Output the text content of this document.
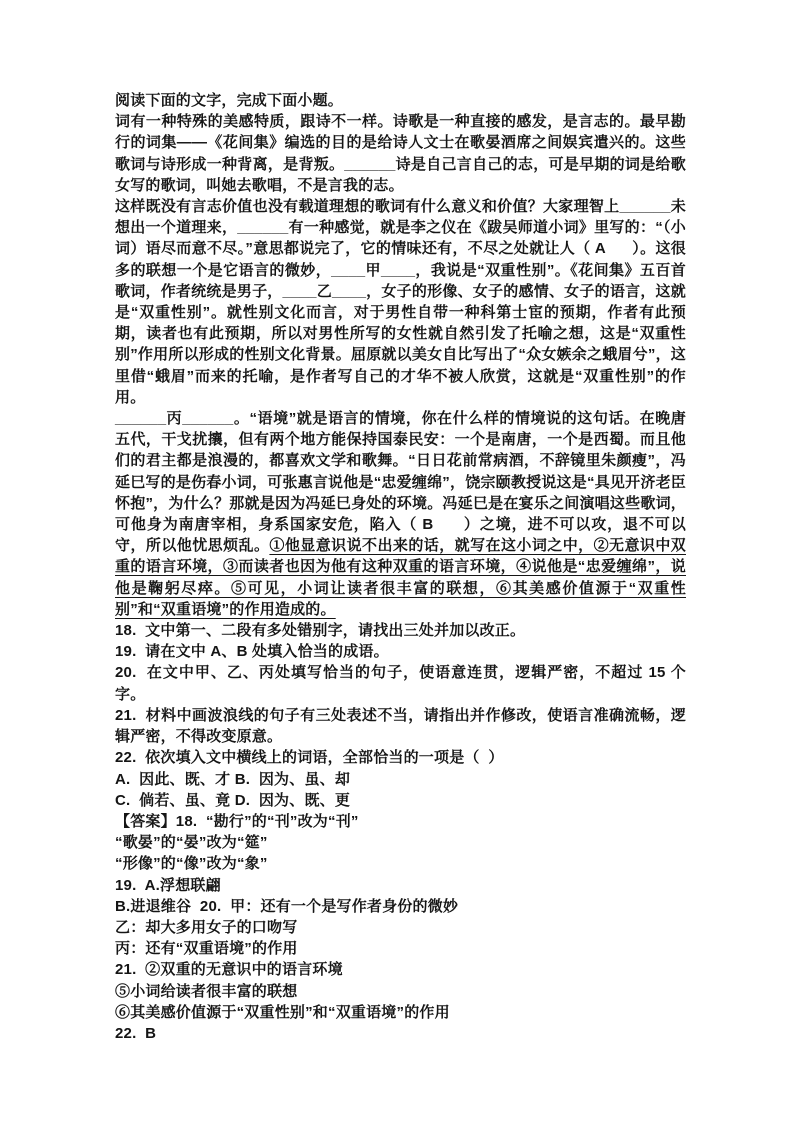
阅读下面的文字，完成下面小题。

词有一种特殊的美感特质，跟诗不一样。诗歌是一种直接的感发，是言志的。最早勘行的词集——《花间集》编选的目的是给诗人文士在歌晏酒席之间娱宾遣兴的。这些歌词与诗形成一种背离，是背叛。______诗是自己言自己的志，可是早期的词是给歌女写的歌词，叫她去歌唱，不是言我的志。

这样既没有言志价值也没有载道理想的歌词有什么意义和价值？大家理智上______未想出一个道理来，______有一种感觉，就是李之仪在《跋吴师道小词》里写的：“（小词）语尽而意不尽。”意思都说完了，它的情味还有，不尽之处就让人（ A      ）。这很多的联想一个是它语言的微妙，____甲____，我说是“双重性别”。《花间集》五百首歌词，作者统统是男子，____乙____，女子的形像、女子的感情、女子的语言，这就是“双重性别”。就性别文化而言，对于男性自带一种科第士宦的预期，作者有此预期，读者也有此预期，所以对男性所写的女性就自然引发了托喻之想，这是“双重性别”作用所以形成的性别文化背景。屈原就以美女自比写出了“众女嫉余之蛾眉兮”，这里借“蛾眉”而来的托喻，是作者写自己的才华不被人欣赏，这就是“双重性别”的作用。

______丙______。“语境”就是语言的情境，你在什么样的情境说的这句话。在晚唐五代，干戈扰攘，但有两个地方能保持国泰民安：一个是南唐，一个是西蜀。而且他们的君主都是浪漫的，都喜欢文学和歌舞。“日日花前常病酒，不辞镜里朱颜瘦”，冯延巳写的是伤春小词，可张惠言说他是“忠爱缠绵”，饶宗颐教授说这是“具见开济老臣怀抱”，为什么？那就是因为冯延巳身处的环境。冯延巳是在宴乐之间演唱这些歌词，可他身为南唐宰相，身系国家安危，陷入（ B      ）之境，进不可以攻，退不可以守，所以他忧思烦乱。①他显意识说不出来的话，就写在这小词之中，②无意识中双重的语言环境，③而读者也因为他有这种双重的语言环境，④说他是“忠爱缠绵”，说他是鞠躬尽瘁。⑤可见，小词让读者很丰富的联想，⑥其美感价值源于“双重性别”和“双重语境”的作用造成的。

18.  文中第一、二段有多处错别字，请找出三处并加以改正。

19.  请在文中 A、B 处填入恰当的成语。

20.  在文中甲、乙、丙处填写恰当的句子，使语意连贯，逻辑严密，不超过 15 个字。

21.  材料中画波浪线的句子有三处表述不当，请指出并作修改，使语言准确流畅，逻辑严密，不得改变原意。

22.  依次填入文中横线上的词语，全部恰当的一项是（  ）

A.  因此、既、才 B.  因为、虽、却

C.  倘若、虽、竟 D.  因为、既、更

【答案】18.  “勘行”的“刊”改为“刊”

“歌晏”的“晏”改为“筵”

“形像”的“像”改为“象”

19.  A.浮想联翩

B.进退维谷  20.  甲：还有一个是写作者身份的微妙

乙：却大多用女子的口吻写

丙：还有“双重语境”的作用

21.  ②双重的无意识中的语言环境

⑤小词给读者很丰富的联想

⑥其美感价值源于“双重性别”和“双重语境”的作用

22.  B
